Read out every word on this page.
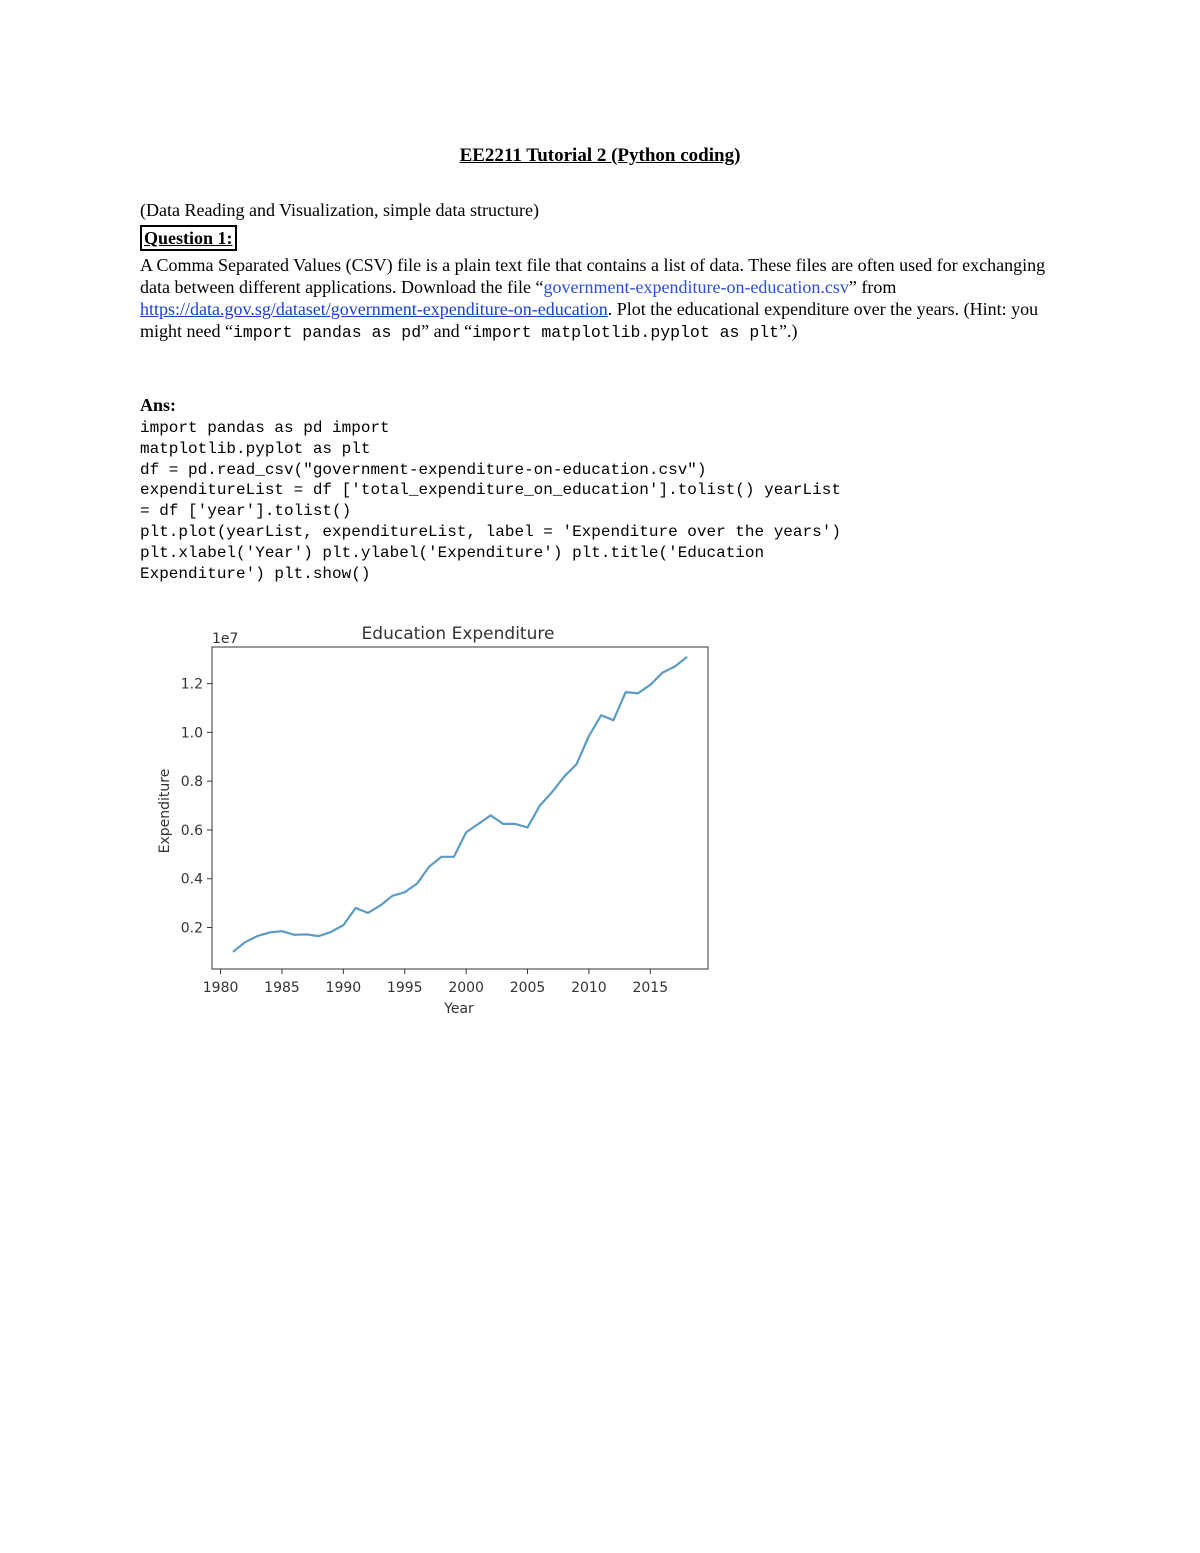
EE2211 Tutorial 2 (Python coding)
(Data Reading and Visualization, simple data structure)
Question 1:
A Comma Separated Values (CSV) file is a plain text file that contains a list of data. These files are often used for exchanging data between different applications. Download the file “government-expenditure-on-education.csv” from https://data.gov.sg/dataset/government-expenditure-on-education. Plot the educational expenditure over the years. (Hint: you might need “import pandas as pd” and “import matplotlib.pyplot as plt”.)
Ans:
import pandas as pd import
matplotlib.pyplot as plt
df = pd.read_csv("government-expenditure-on-education.csv")
expenditureList = df ['total_expenditure_on_education'].tolist() yearList
= df ['year'].tolist()
plt.plot(yearList, expenditureList, label = 'Expenditure over the years')
plt.xlabel('Year') plt.ylabel('Expenditure') plt.title('Education
Expenditure') plt.show()
Education Expenditure
1e7
Expenditure
Year
1980 1985 1990 1995 2000 2005 2010 2015
0.2
0.4
0.6
0.8
1.0
1.2
